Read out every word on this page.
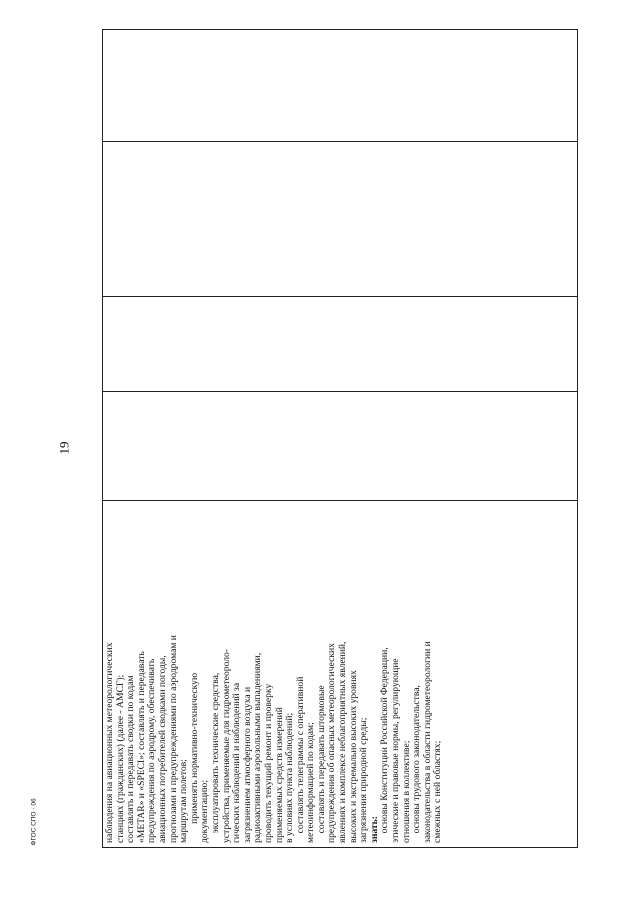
19
наблюдения на авиационных метеорологических станциях (гражданских) (далее - АМСГ); составлять и передавать сводки по кодам «METAR» и «SPECI»; составлять и передавать предупреждения по аэродрому, обеспечивать авиационных потребителей сводками погоды, прогнозами и предупреждениями по аэродромам и маршрутам полетов; применять нормативно-техническую документацию; эксплуатировать технические средства, устройства, применяемые для гидрометеороло- гических наблюдений и наблюдений за загрязнением атмосферного воздуха и радиоактивными аэрозольными выпадениями, проводить текущий ремонт и проверку применяемых средств измерений в условиях пункта наблюдений; составлять телеграммы с оперативной метеоинформацией по кодам; составлять и передавать штормовые предупреждения об опасных метеорологических явлениях и комплексе неблагоприятных явлений, высоких и экстремально высоких уровнях загрязнения природной среды; знать: основы Конституции Российской Федерации, этические и правовые нормы, регулирующие отношения в коллективе; основы трудового законодательства, законодательства в области гидрометеорологии и смежных с ней областях;

ФГОС СПО - 06
